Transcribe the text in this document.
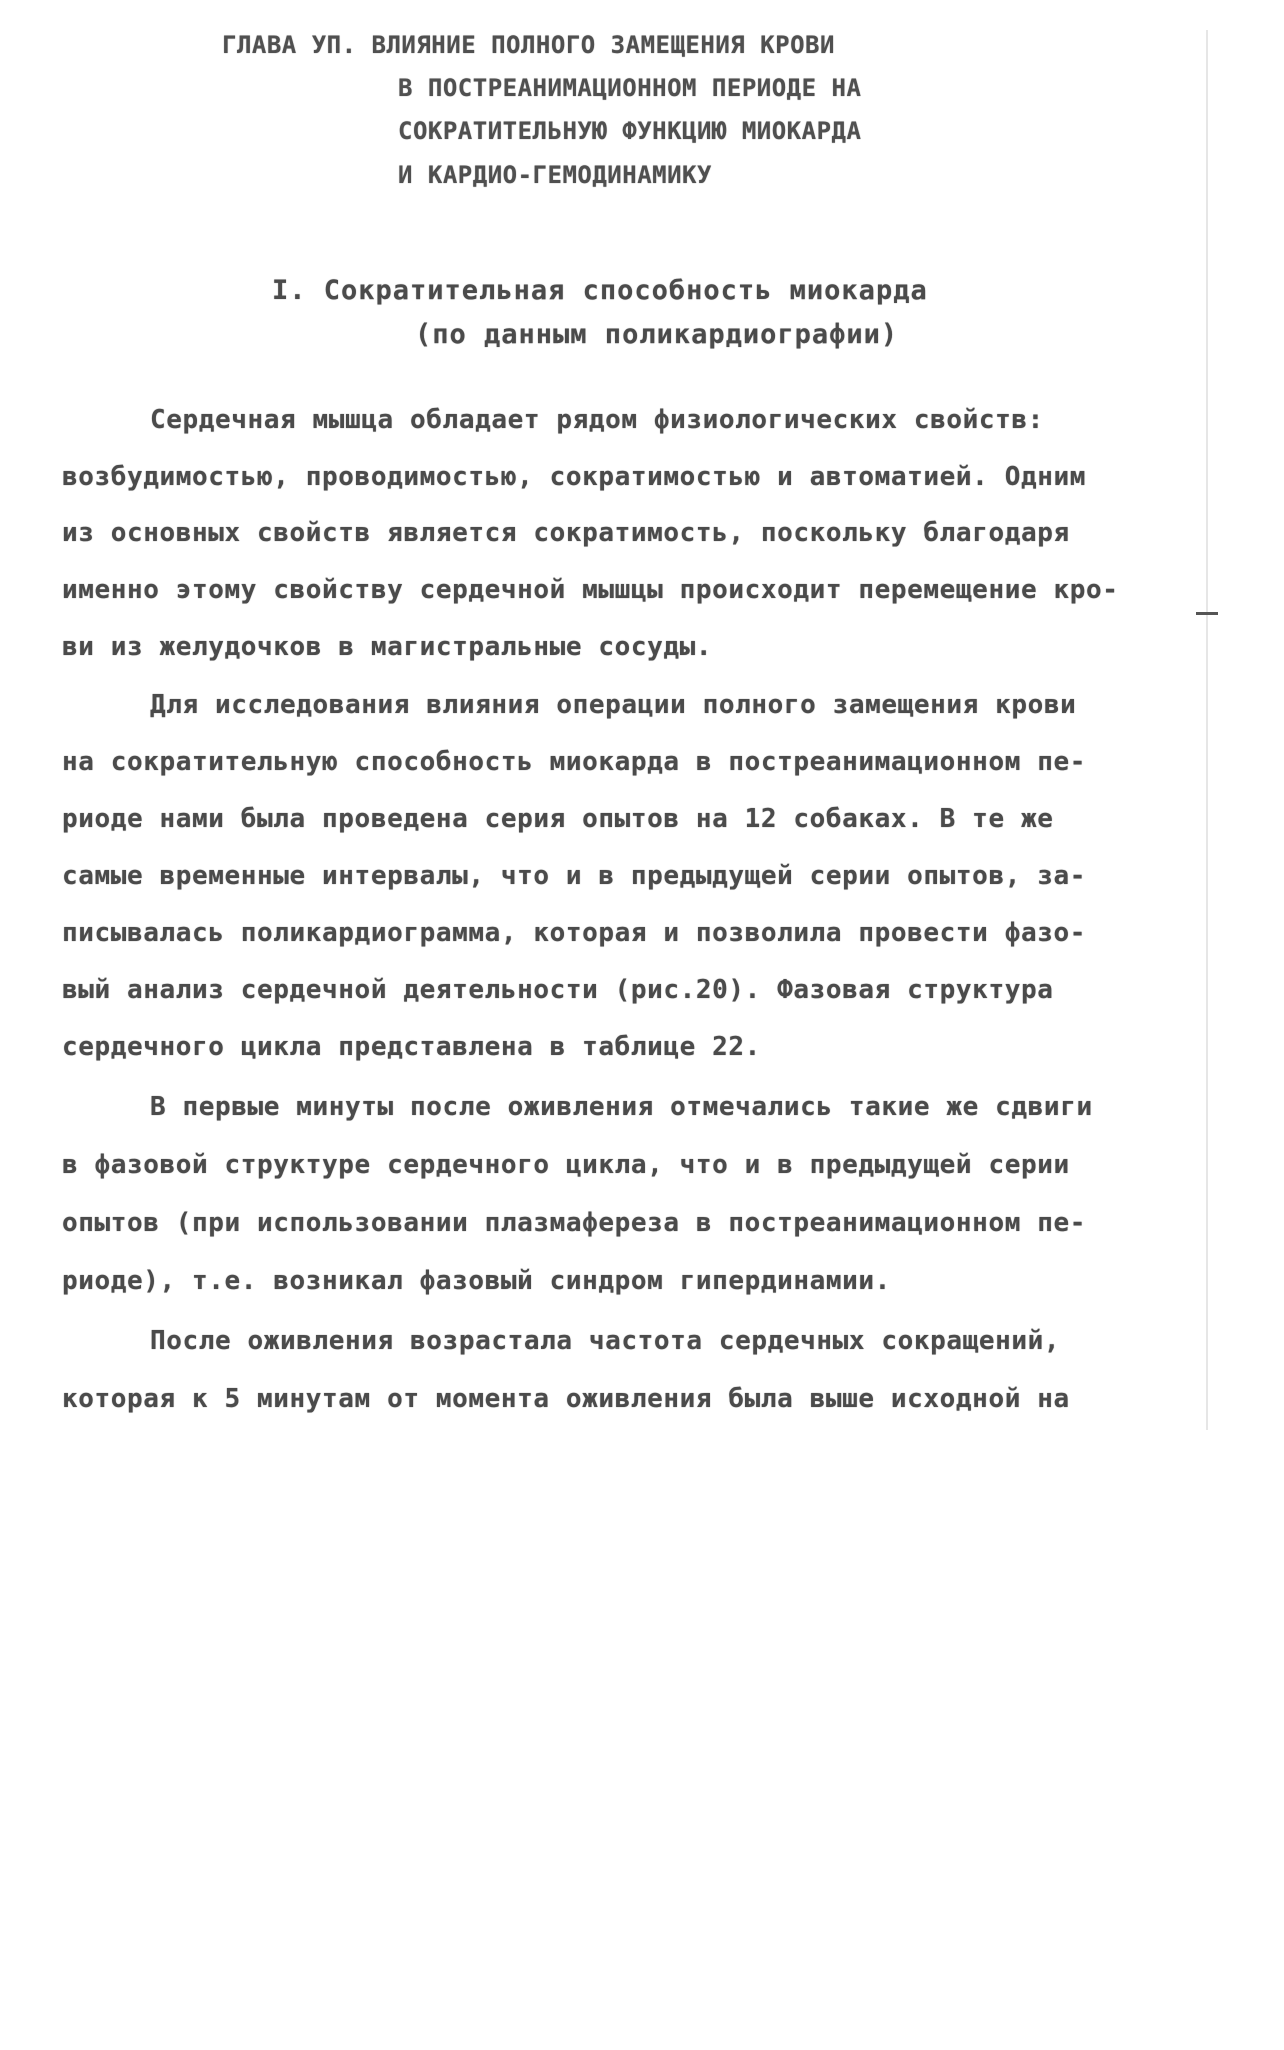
ГЛАВА УП. ВЛИЯНИЕ ПОЛНОГО ЗАМЕЩЕНИЯ КРОВИ
В ПОСТРЕАНИМАЦИОННОМ ПЕРИОДЕ НА
СОКРАТИТЕЛЬНУЮ ФУНКЦИЮ МИОКАРДА
И КАРДИО-ГЕМОДИНАМИКУ
I. Сократительная способность миокарда
(по данным поликардиографии)
Сердечная мышца обладает рядом физиологических свойств:
возбудимостью, проводимостью, сократимостью и автоматией. Одним
из основных свойств является сократимость, поскольку благодаря
именно этому свойству сердечной мышцы происходит перемещение кро-
ви из желудочков в магистральные сосуды.
Для исследования влияния операции полного замещения крови
на сократительную способность миокарда в постреанимационном пе-
риоде нами была проведена серия опытов на 12 собаках. В те же
самые временные интервалы, что и в предыдущей серии опытов, за-
писывалась поликардиограмма, которая и позволила провести фазо-
вый анализ сердечной деятельности (рис.20). Фазовая структура
сердечного цикла представлена в таблице 22.
В первые минуты после оживления отмечались такие же сдвиги
в фазовой структуре сердечного цикла, что и в предыдущей серии
опытов (при использовании плазмафереза в постреанимационном пе-
риоде), т.е. возникал фазовый синдром гипердинамии.
После оживления возрастала частота сердечных сокращений,
которая к 5 минутам от момента оживления была выше исходной на
